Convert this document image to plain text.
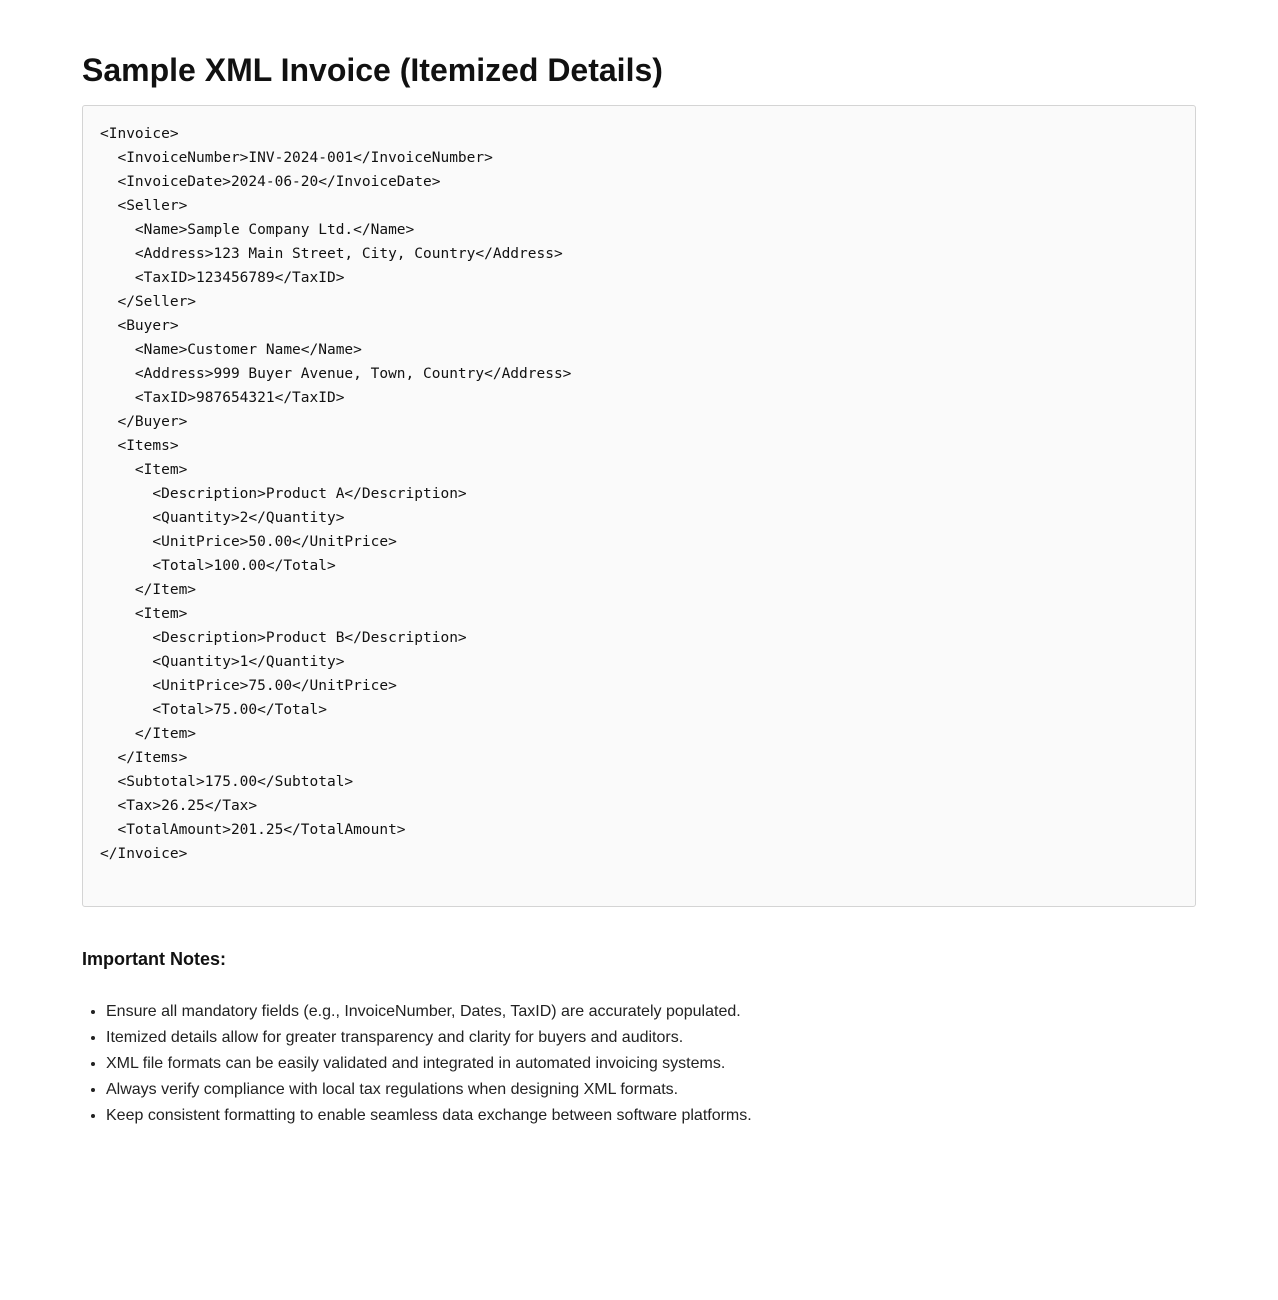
Sample XML Invoice (Itemized Details)
<Invoice>
<InvoiceNumber>INV-2024-001</InvoiceNumber>
<InvoiceDate>2024-06-20</InvoiceDate>
<Seller>
<Name>Sample Company Ltd.</Name>
<Address>123 Main Street, City, Country</Address>
<TaxID>123456789</TaxID>
</Seller>
<Buyer>
<Name>Customer Name</Name>
<Address>999 Buyer Avenue, Town, Country</Address>
<TaxID>987654321</TaxID>
</Buyer>
<Items>
<Item>
<Description>Product A</Description>
<Quantity>2</Quantity>
<UnitPrice>50.00</UnitPrice>
<Total>100.00</Total>
</Item>
<Item>
<Description>Product B</Description>
<Quantity>1</Quantity>
<UnitPrice>75.00</UnitPrice>
<Total>75.00</Total>
</Item>
</Items>
<Subtotal>175.00</Subtotal>
<Tax>26.25</Tax>
<TotalAmount>201.25</TotalAmount>
</Invoice>
Important Notes:
• Ensure all mandatory fields (e.g., InvoiceNumber, Dates, TaxID) are accurately populated.
• Itemized details allow for greater transparency and clarity for buyers and auditors.
• XML file formats can be easily validated and integrated in automated invoicing systems.
• Always verify compliance with local tax regulations when designing XML formats.
• Keep consistent formatting to enable seamless data exchange between software platforms.
